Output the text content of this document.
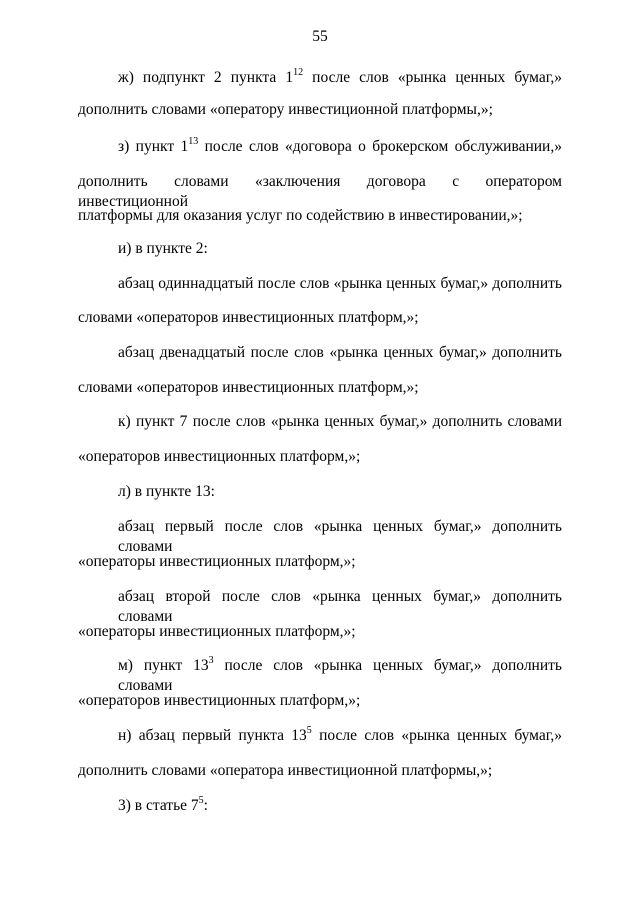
55
ж) подпункт 2 пункта $1^{12}$ после слов «рынка ценных бумаг,»
дополнить словами «оператору инвестиционной платформы,»;
з) пункт $1^{13}$ после слов «договора о брокерском обслуживании,»
дополнить словами «заключения договора с оператором инвестиционной
платформы для оказания услуг по содействию в инвестировании,»;
и) в пункте 2:
абзац одиннадцатый после слов «рынка ценных бумаг,» дополнить
словами «операторов инвестиционных платформ,»;
абзац двенадцатый после слов «рынка ценных бумаг,» дополнить
словами «операторов инвестиционных платформ,»;
к) пункт 7 после слов «рынка ценных бумаг,» дополнить словами
«операторов инвестиционных платформ,»;
л) в пункте 13:
абзац первый после слов «рынка ценных бумаг,» дополнить словами
«операторы инвестиционных платформ,»;
абзац второй после слов «рынка ценных бумаг,» дополнить словами
«операторы инвестиционных платформ,»;
м) пункт $13^3$ после слов «рынка ценных бумаг,» дополнить словами
«операторов инвестиционных платформ,»;
н) абзац первый пункта $13^5$ после слов «рынка ценных бумаг,»
дополнить словами «оператора инвестиционной платформы,»;
3) в статье $7^5$:
